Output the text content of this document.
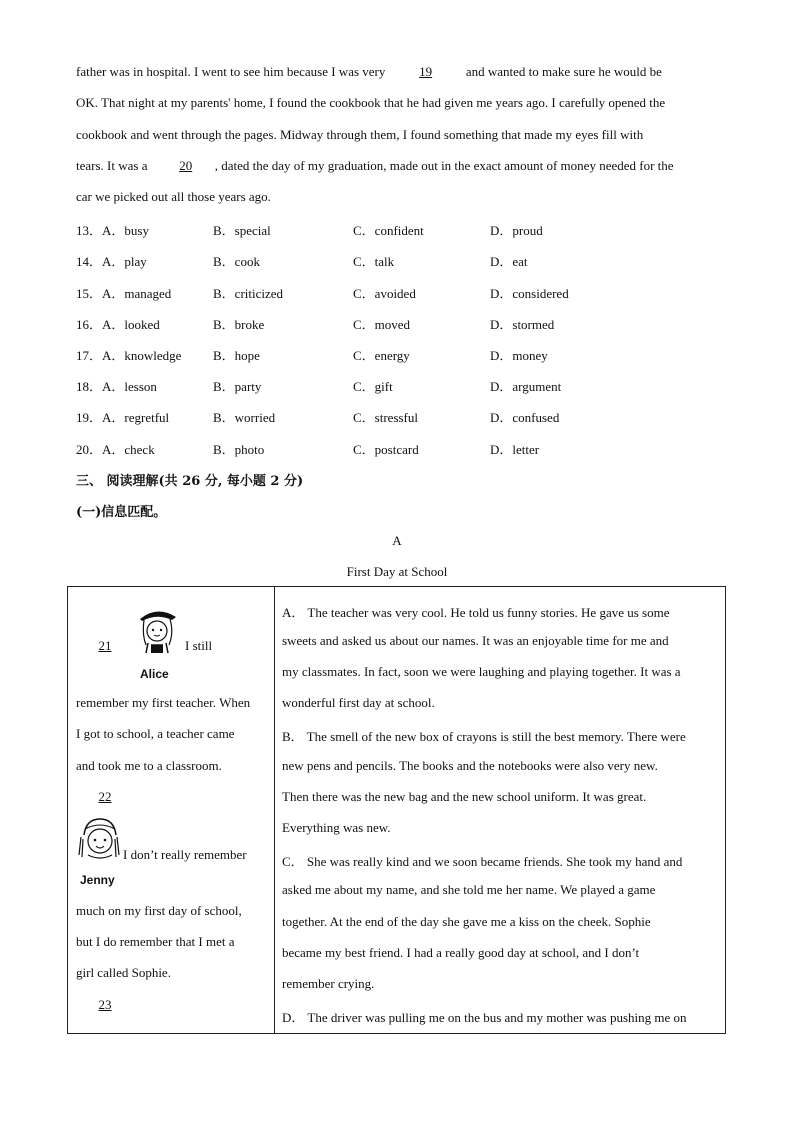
father was in hospital. I went to see him because I was very	19	and wanted to make sure he would be
OK. That night at my parents' home, I found the cookbook that he had given me years ago. I carefully opened the
cookbook and went through the pages. Midway through them, I found something that made my eyes fill with
tears. It was a 20 , dated the day of my graduation, made out in the exact amount of money needed for the
car we picked out all those years ago.
13．A．busy	B．special	C．confident	D．proud
14．A．play	B．cook	C．talk	D．eat
15．A．managed	B．criticized	C．avoided	D．considered
16．A．looked	B．broke	C．moved	D．stormed
17．A．knowledge B．hope	C．energy	D．money
18．A．lesson	B．party	C．gift	D．argument
19．A．regretful	B．worried	C．stressful	D．confused
20．A．check	B．photo	C．postcard	D．letter
三、 阅读理解(共 26 分, 每小题 2 分)
(一)信息匹配。
A
First Day at School
21
Alice
I still
remember my first teacher. When
I got to school, a teacher came
and took me to a classroom.
22
Jenny
I don’t really remember
much on my first day of school,
but I do remember that I met a
girl called Sophie.
23
A． The teacher was very cool. He told us funny stories. He gave us some
sweets and asked us about our names. It was an enjoyable time for me and
my classmates. In fact, soon we were laughing and playing together. It was a
wonderful first day at school.
B． The smell of the new box of crayons is still the best memory. There were
new pens and pencils. The books and the notebooks were also very new.
Then there was the new bag and the new school uniform. It was great.
Everything was new.
C． She was really kind and we soon became friends. She took my hand and
asked me about my name, and she told me her name. We played a game
together. At the end of the day she gave me a kiss on the cheek. Sophie
became my best friend. I had a really good day at school, and I don’t
remember crying.
D． The driver was pulling me on the bus and my mother was pushing me on
